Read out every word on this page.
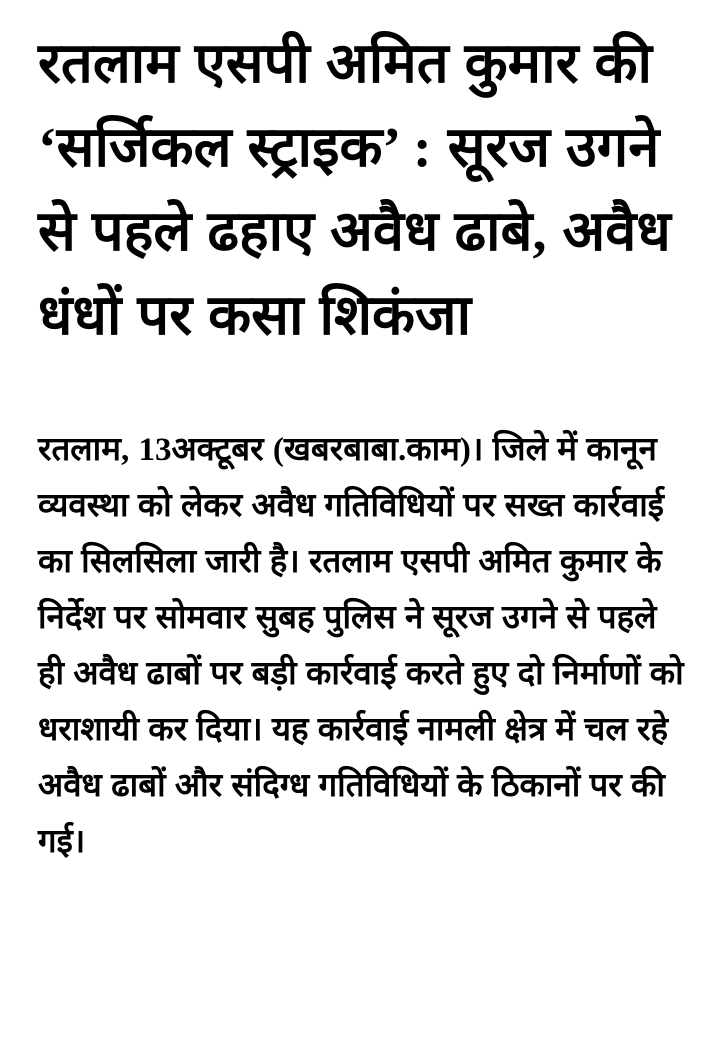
रतलाम एसपी अमित कुमार की ‘सर्जिकल स्ट्राइक’ : सूरज उगने से पहले ढहाए अवैध ढाबे, अवैध धंधों पर कसा शिकंजा

रतलाम, 13अक्टूबर (खबरबाबा.काम)। जिले में कानून व्यवस्था को लेकर अवैध गतिविधियों पर सख्त कार्रवाई का सिलसिला जारी है। रतलाम एसपी अमित कुमार के निर्देश पर सोमवार सुबह पुलिस ने सूरज उगने से पहले ही अवैध ढाबों पर बड़ी कार्रवाई करते हुए दो निर्माणों को धराशायी कर दिया। यह कार्रवाई नामली क्षेत्र में चल रहे अवैध ढाबों और संदिग्ध गतिविधियों के ठिकानों पर की गई।
